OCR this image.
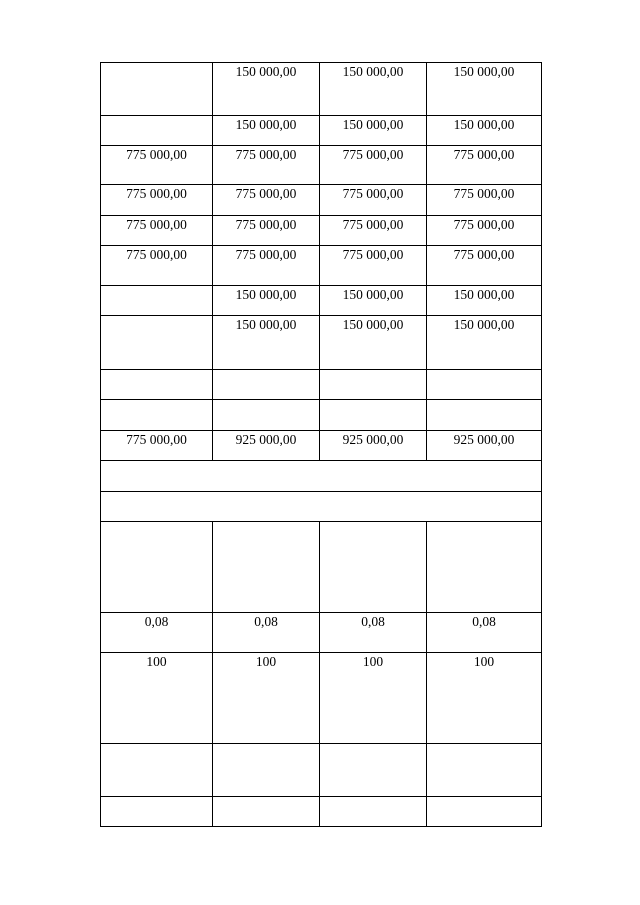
	150 000,00	150 000,00	150 000,00
	150 000,00	150 000,00	150 000,00
775 000,00	775 000,00	775 000,00	775 000,00
775 000,00	775 000,00	775 000,00	775 000,00
775 000,00	775 000,00	775 000,00	775 000,00
775 000,00	775 000,00	775 000,00	775 000,00
	150 000,00	150 000,00	150 000,00
	150 000,00	150 000,00	150 000,00

775 000,00	925 000,00	925 000,00	925 000,00

0,08	0,08	0,08	0,08
100	100	100	100
